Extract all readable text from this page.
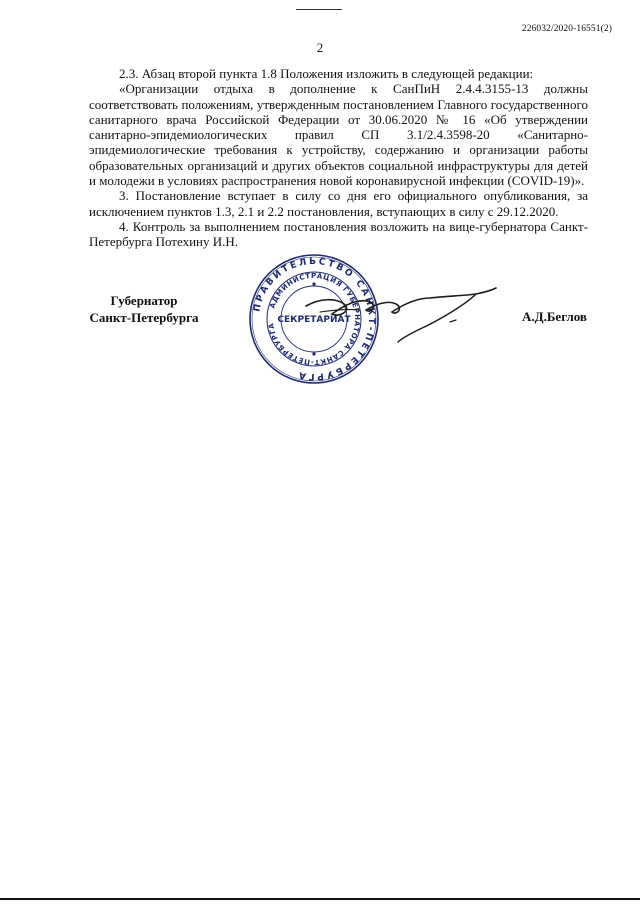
226032/2020-16551(2)
2

2.3. Абзац второй пункта 1.8 Положения изложить в следующей редакции:

«Организации отдыха в дополнение к СанПиН 2.4.4.3155-13 должны соответствовать положениям, утвержденным постановлением Главного государственного санитарного врача Российской Федерации от 30.06.2020 № 16 «Об утверждении санитарно-эпидемиологических правил СП 3.1/2.4.3598-20 «Санитарно-эпидемиологические требования к устройству, содержанию и организации работы образовательных организаций и других объектов социальной инфраструктуры для детей и молодежи в условиях распространения новой коронавирусной инфекции (COVID-19)».

3. Постановление вступает в силу со дня его официального опубликования, за исключением пунктов 1.3, 2.1 и 2.2 постановления, вступающих в силу с 29.12.2020.

4. Контроль за выполнением постановления возложить на вице-губернатора Санкт-Петербурга Потехину И.Н.

Губернатор
Санкт-Петербурга
ПРАВИТЕЛЬСТВО САНКТ-ПЕТЕРБУРГА
АДМИНИСТРАЦИЯ ГУБЕРНАТОРА САНКТ-ПЕТЕРБУРГА
СЕКРЕТАРИАТ	А.Д.Беглов
